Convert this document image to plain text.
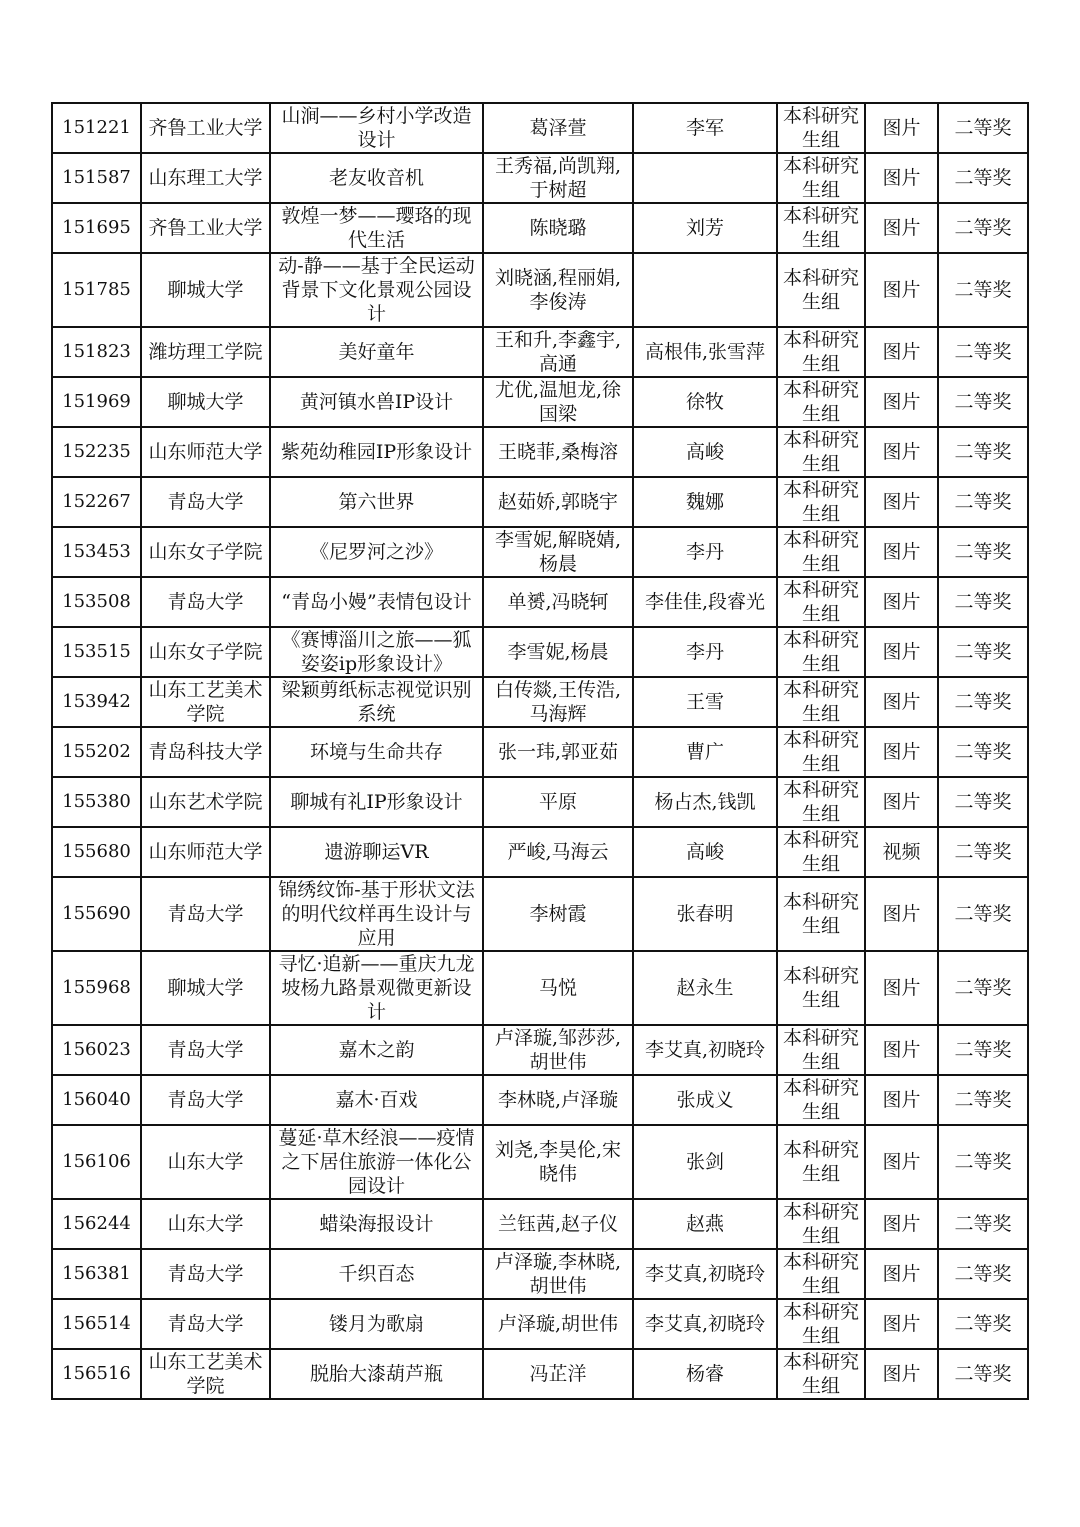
151221	齐鲁工业大学	山涧——乡村小学改造设计	葛泽萱	李军	本科研究生组	图片	二等奖
151587	山东理工大学	老友收音机	王秀福,尚凯翔,于树超		本科研究生组	图片	二等奖
151695	齐鲁工业大学	敦煌一梦——璎珞的现代生活	陈晓璐	刘芳	本科研究生组	图片	二等奖
151785	聊城大学	动-静——基于全民运动背景下文化景观公园设计	刘晓涵,程丽娟,李俊涛		本科研究生组	图片	二等奖
151823	潍坊理工学院	美好童年	王和升,李鑫宇,高通	高根伟,张雪萍	本科研究生组	图片	二等奖
151969	聊城大学	黄河镇水兽IP设计	尤优,温旭龙,徐国梁	徐牧	本科研究生组	图片	二等奖
152235	山东师范大学	紫苑幼稚园IP形象设计	王晓菲,桑梅溶	高峻	本科研究生组	图片	二等奖
152267	青岛大学	第六世界	赵茹娇,郭晓宇	魏娜	本科研究生组	图片	二等奖
153453	山东女子学院	《尼罗河之沙》	李雪妮,解晓婧,杨晨	李丹	本科研究生组	图片	二等奖
153508	青岛大学	“青岛小嫚”表情包设计	单赟,冯晓轲	李佳佳,段睿光	本科研究生组	图片	二等奖
153515	山东女子学院	《赛博淄川之旅——狐姿姿ip形象设计》	李雪妮,杨晨	李丹	本科研究生组	图片	二等奖
153942	山东工艺美术学院	梁颖剪纸标志视觉识别系统	白传燚,王传浩,马海辉	王雪	本科研究生组	图片	二等奖
155202	青岛科技大学	环境与生命共存	张一玮,郭亚茹	曹广	本科研究生组	图片	二等奖
155380	山东艺术学院	聊城有礼IP形象设计	平原	杨占杰,钱凯	本科研究生组	图片	二等奖
155680	山东师范大学	遗游聊运VR	严峻,马海云	高峻	本科研究生组	视频	二等奖
155690	青岛大学	锦绣纹饰-基于形状文法的明代纹样再生设计与应用	李树霞	张春明	本科研究生组	图片	二等奖
155968	聊城大学	寻忆·追新——重庆九龙坡杨九路景观微更新设计	马悦	赵永生	本科研究生组	图片	二等奖
156023	青岛大学	嘉木之韵	卢泽璇,邹莎莎,胡世伟	李艾真,初晓玲	本科研究生组	图片	二等奖
156040	青岛大学	嘉木·百戏	李林晓,卢泽璇	张成义	本科研究生组	图片	二等奖
156106	山东大学	蔓延·草木经浪——疫情之下居住旅游一体化公园设计	刘尧,李昊伦,宋晓伟	张剑	本科研究生组	图片	二等奖
156244	山东大学	蜡染海报设计	兰钰茜,赵子仪	赵燕	本科研究生组	图片	二等奖
156381	青岛大学	千织百态	卢泽璇,李林晓,胡世伟	李艾真,初晓玲	本科研究生组	图片	二等奖
156514	青岛大学	镂月为歌扇	卢泽璇,胡世伟	李艾真,初晓玲	本科研究生组	图片	二等奖
156516	山东工艺美术学院	脱胎大漆葫芦瓶	冯芷洋	杨睿	本科研究生组	图片	二等奖
